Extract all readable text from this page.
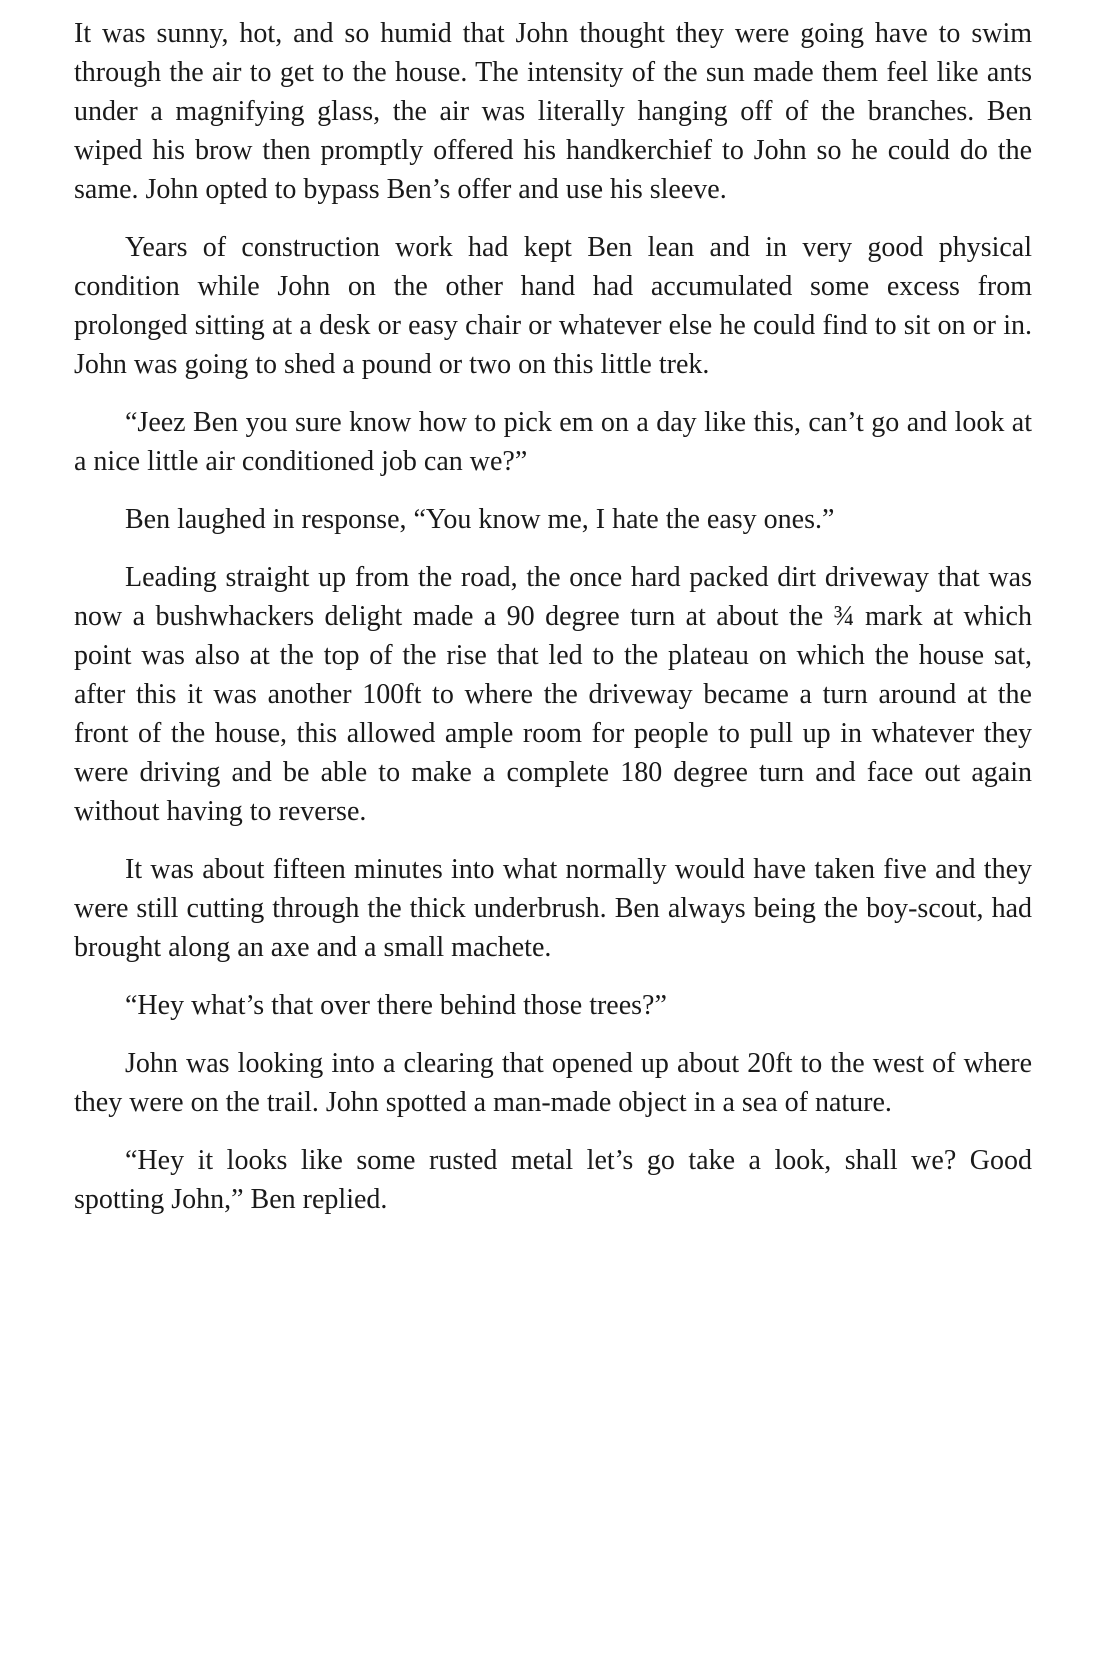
It was sunny, hot, and so humid that John thought they were going have to swim through the air to get to the house. The intensity of the sun made them feel like ants under a magnifying glass, the air was literally hanging off of the branches. Ben wiped his brow then promptly offered his handkerchief to John so he could do the same. John opted to bypass Ben’s offer and use his sleeve.

Years of construction work had kept Ben lean and in very good physical condition while John on the other hand had accumulated some excess from prolonged sitting at a desk or easy chair or whatever else he could find to sit on or in. John was going to shed a pound or two on this little trek.

“Jeez Ben you sure know how to pick em on a day like this, can’t go and look at a nice little air conditioned job can we?”

Ben laughed in response, “You know me, I hate the easy ones.”

Leading straight up from the road, the once hard packed dirt driveway that was now a bushwhackers delight made a 90 degree turn at about the ¾ mark at which point was also at the top of the rise that led to the plateau on which the house sat, after this it was another 100ft to where the driveway became a turn around at the front of the house, this allowed ample room for people to pull up in whatever they were driving and be able to make a complete 180 degree turn and face out again without having to reverse.

It was about fifteen minutes into what normally would have taken five and they were still cutting through the thick underbrush. Ben always being the boy-scout, had brought along an axe and a small machete.

“Hey what’s that over there behind those trees?”

John was looking into a clearing that opened up about 20ft to the west of where they were on the trail. John spotted a man-made object in a sea of nature.

“Hey it looks like some rusted metal let’s go take a look, shall we? Good spotting John,” Ben replied.
